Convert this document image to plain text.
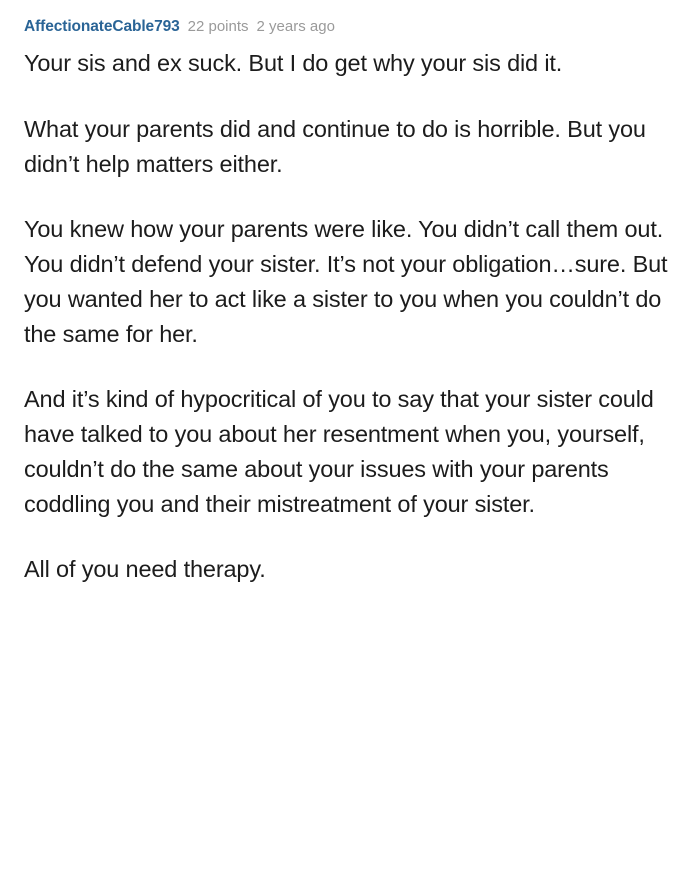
AffectionateCable793 22 points 2 years ago

Your sis and ex suck. But I do get why your sis did it.

What your parents did and continue to do is horrible. But you didn’t help matters either.

You knew how your parents were like. You didn’t call them out. You didn’t defend your sister. It’s not your obligation…sure. But you wanted her to act like a sister to you when you couldn’t do the same for her.

And it’s kind of hypocritical of you to say that your sister could have talked to you about her resentment when you, yourself, couldn’t do the same about your issues with your parents coddling you and their mistreatment of your sister.

All of you need therapy.
